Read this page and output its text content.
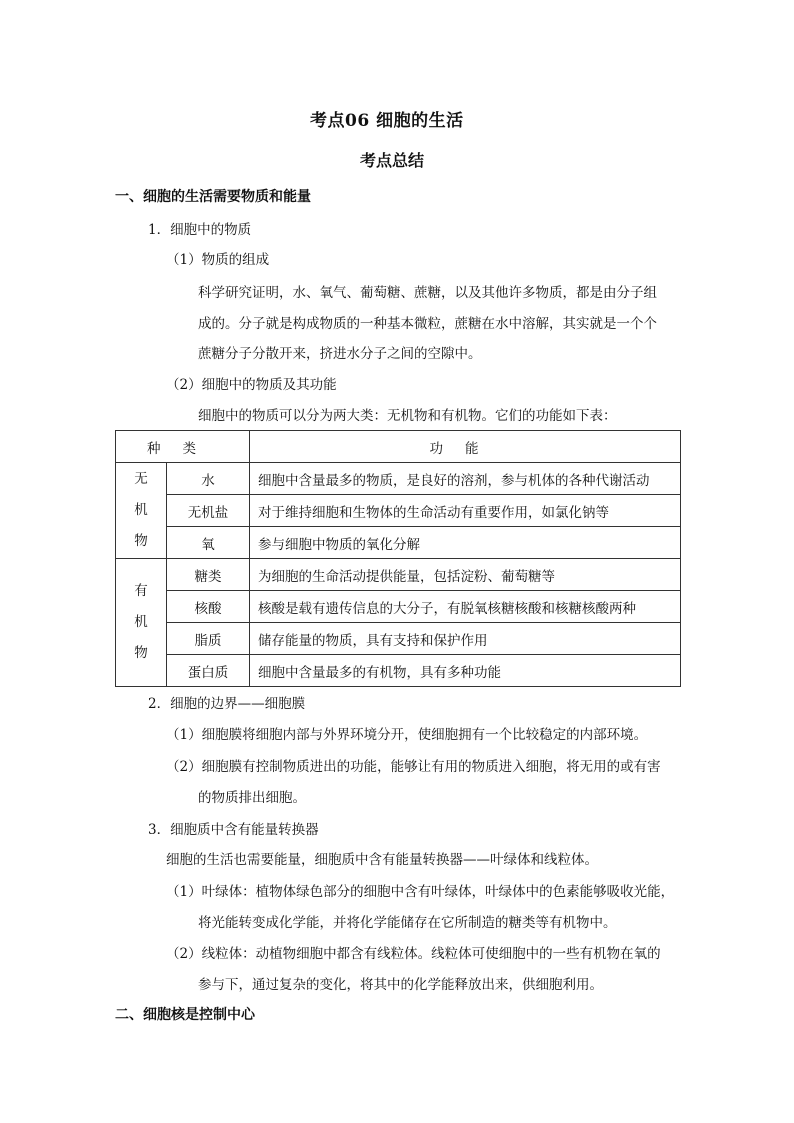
考点06 细胞的生活
考点总结
一、细胞的生活需要物质和能量
1．细胞中的物质
（1）物质的组成
科学研究证明，水、氧气、葡萄糖、蔗糖，以及其他许多物质，都是由分子组
成的。分子就是构成物质的一种基本微粒，蔗糖在水中溶解，其实就是一个个
蔗糖分子分散开来，挤进水分子之间的空隙中。
（2）细胞中的物质及其功能
细胞中的物质可以分为两大类：无机物和有机物。它们的功能如下表：
种类		功能

无
机
物	水	细胞中含量最多的物质，是良好的溶剂，参与机体的各种代谢活动
	无机盐	对于维持细胞和生物体的生命活动有重要作用，如氯化钠等
	氧	参与细胞中物质的氧化分解

有
机
物	糖类	为细胞的生命活动提供能量，包括淀粉、葡萄糖等
	核酸	核酸是载有遗传信息的大分子，有脱氧核糖核酸和核糖核酸两种
	脂质	储存能量的物质，具有支持和保护作用
	蛋白质	细胞中含量最多的有机物，具有多种功能
2．细胞的边界——细胞膜
（1）细胞膜将细胞内部与外界环境分开，使细胞拥有一个比较稳定的内部环境。
（2）细胞膜有控制物质进出的功能，能够让有用的物质进入细胞，将无用的或有害
的物质排出细胞。
3．细胞质中含有能量转换器
细胞的生活也需要能量，细胞质中含有能量转换器——叶绿体和线粒体。
（1）叶绿体：植物体绿色部分的细胞中含有叶绿体，叶绿体中的色素能够吸收光能，
将光能转变成化学能，并将化学能储存在它所制造的糖类等有机物中。
（2）线粒体：动植物细胞中都含有线粒体。线粒体可使细胞中的一些有机物在氧的
参与下，通过复杂的变化，将其中的化学能释放出来，供细胞利用。
二、细胞核是控制中心
